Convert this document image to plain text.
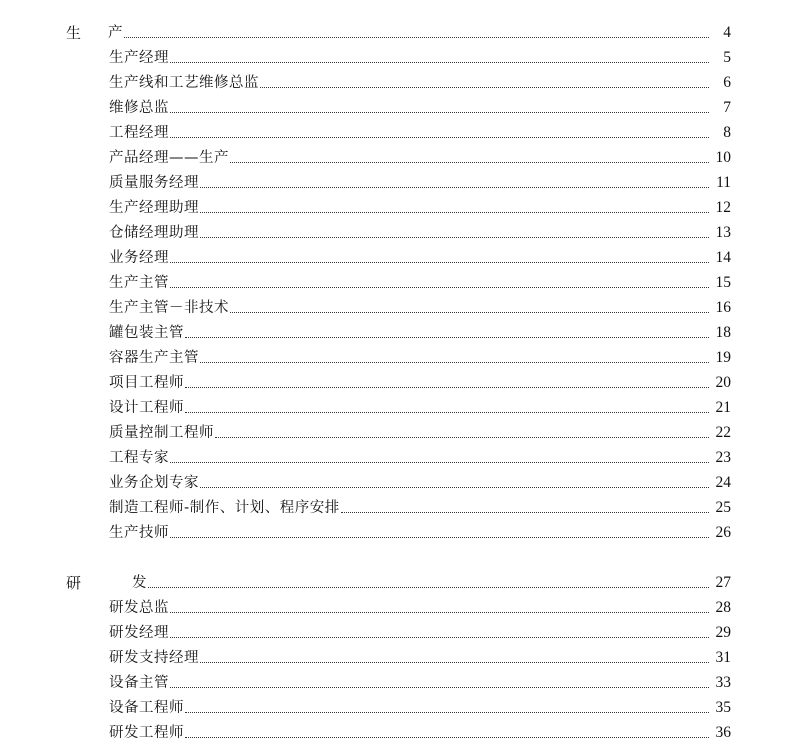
生	产	4
生产经理	5
生产线和工艺维修总监	6
维修总监	7
工程经理	8
产品经理——生产	10
质量服务经理	11
生产经理助理	12
仓储经理助理	13
业务经理	14
生产主管	15
生产主管－非技术	16
罐包装主管	18
容器生产主管	19
项目工程师	20
设计工程师	21
质量控制工程师	22
工程专家	23
业务企划专家	24
制造工程师-制作、计划、程序安排	25
生产技师	26
研	发	27
研发总监	28
研发经理	29
研发支持经理	31
设备主管	33
设备工程师	35
研发工程师	36
